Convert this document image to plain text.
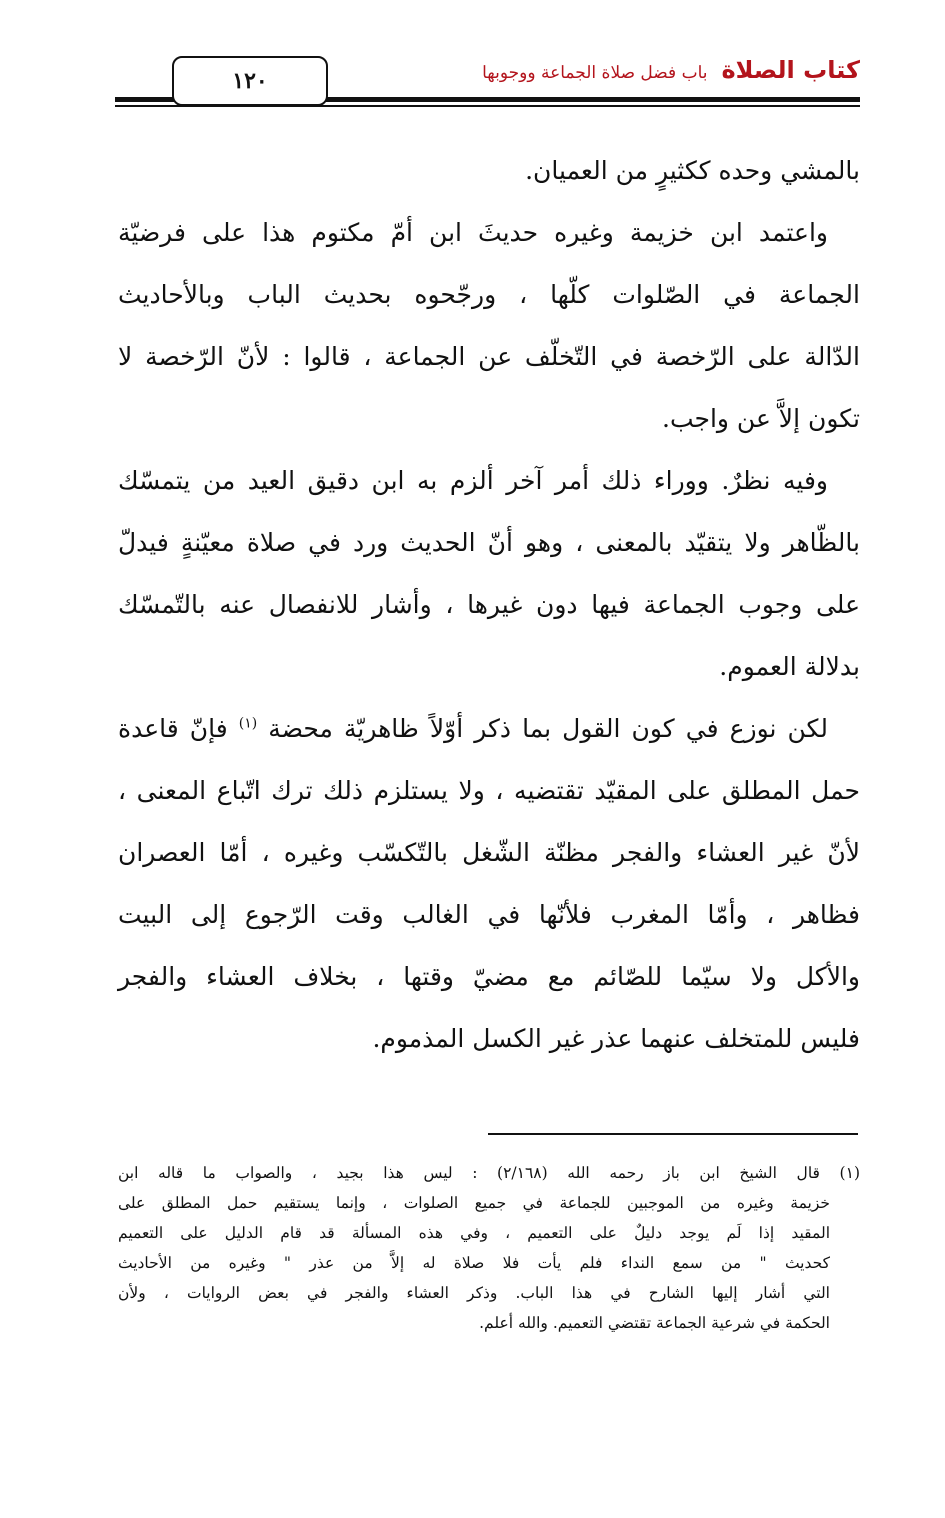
١٢٠	كتاب الصلاة
باب فضل صلاة الجماعة ووجوبها
بالمشي وحده ككثيرٍ من العميان.
واعتمد ابن خزيمة وغيره حديثَ ابن أمّ مكتوم هذا على فرضيّة
الجماعة في الصّلوات كلّها ، ورجّحوه بحديث الباب وبالأحاديث
الدّالة على الرّخصة في التّخلّف عن الجماعة ، قالوا : لأنّ الرّخصة لا
تكون إلاَّ عن واجب.
وفيه نظرٌ. ووراء ذلك أمر آخر ألزم به ابن دقيق العيد من يتمسّك
بالظّاهر ولا يتقيّد بالمعنى ، وهو أنّ الحديث ورد في صلاة معيّنةٍ فيدلّ
على وجوب الجماعة فيها دون غيرها ، وأشار للانفصال عنه بالتّمسّك
بدلالة العموم.
لكن نوزع في كون القول بما ذكر أوّلاً ظاهريّة محضة $^{(١)}$ فإنّ قاعدة
حمل المطلق على المقيّد تقتضيه ، ولا يستلزم ذلك ترك اتّباع المعنى ،
لأنّ غير العشاء والفجر مظنّة الشّغل بالتّكسّب وغيره ، أمّا العصران
فظاهر ، وأمّا المغرب فلأنّها في الغالب وقت الرّجوع إلى البيت
والأكل ولا سيّما للصّائم مع مضيّ وقتها ، بخلاف العشاء والفجر
فليس للمتخلف عنهما عذر غير الكسل المذموم.
(١) قال الشيخ ابن باز رحمه الله (٢/١٦٨) : ليس هذا بجيد ، والصواب ما قاله ابن
خزيمة وغيره من الموجبين للجماعة في جميع الصلوات ، وإنما يستقيم حمل المطلق على
المقيد إذا لَم يوجد دليلٌ على التعميم ، وفي هذه المسألة قد قام الدليل على التعميم
كحديث " من سمع النداء فلم يأت فلا صلاة له إلاَّ من عذر " وغيره من الأحاديث
التي أشار إليها الشارح في هذا الباب. وذكر العشاء والفجر في بعض الروايات ، ولأن
الحكمة في شرعية الجماعة تقتضي التعميم. والله أعلم.
